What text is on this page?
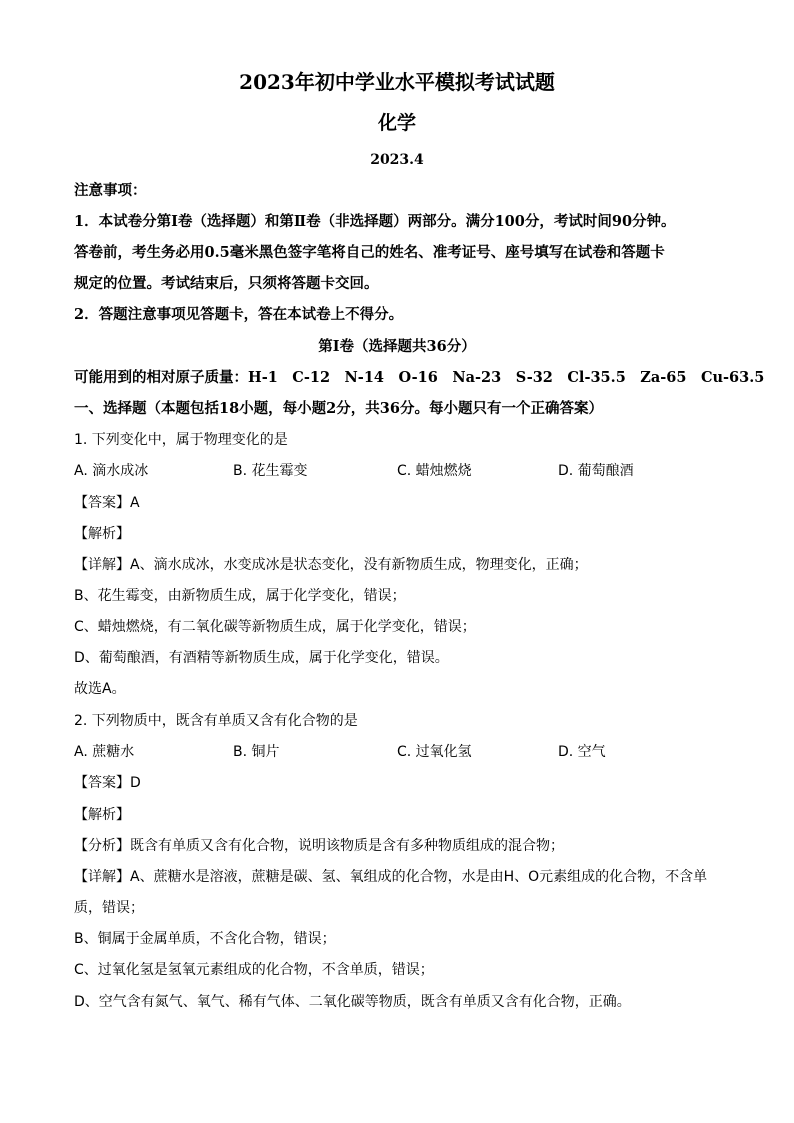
2023年初中学业水平模拟考试试题
化学
2023.4
注意事项：
1．本试卷分第Ⅰ卷（选择题）和第Ⅱ卷（非选择题）两部分。满分100分，考试时间90分钟。
答卷前，考生务必用0.5毫米黑色签字笔将自己的姓名、准考证号、座号填写在试卷和答题卡
规定的位置。考试结束后，只须将答题卡交回。
2．答题注意事项见答题卡，答在本试卷上不得分。
第Ⅰ卷（选择题共36分）
可能用到的相对原子质量：H-1　C-12　N-14　O-16　Na-23　S-32　Cl-35.5　Za-65　Cu-63.5
一、选择题（本题包括18小题，每小题2分，共36分。每小题只有一个正确答案）
1. 下列变化中，属于物理变化的是
A. 滴水成冰	B. 花生霉变	C. 蜡烛燃烧	D. 葡萄酿酒
【答案】A
【解析】
【详解】A、滴水成冰，水变成冰是状态变化，没有新物质生成，物理变化，正确；
B、花生霉变，由新物质生成，属于化学变化，错误；
C、蜡烛燃烧，有二氧化碳等新物质生成，属于化学变化，错误；
D、葡萄酿酒，有酒精等新物质生成，属于化学变化，错误。
故选A。
2. 下列物质中，既含有单质又含有化合物的是
A. 蔗糖水	B. 铜片	C. 过氧化氢	D. 空气
【答案】D
【解析】
【分析】既含有单质又含有化合物，说明该物质是含有多种物质组成的混合物；
【详解】A、蔗糖水是溶液，蔗糖是碳、氢、氧组成的化合物，水是由H、O元素组成的化合物，不含单
质，错误；
B、铜属于金属单质，不含化合物，错误；
C、过氧化氢是氢氧元素组成的化合物，不含单质，错误；
D、空气含有氮气、氧气、稀有气体、二氧化碳等物质，既含有单质又含有化合物，正确。
